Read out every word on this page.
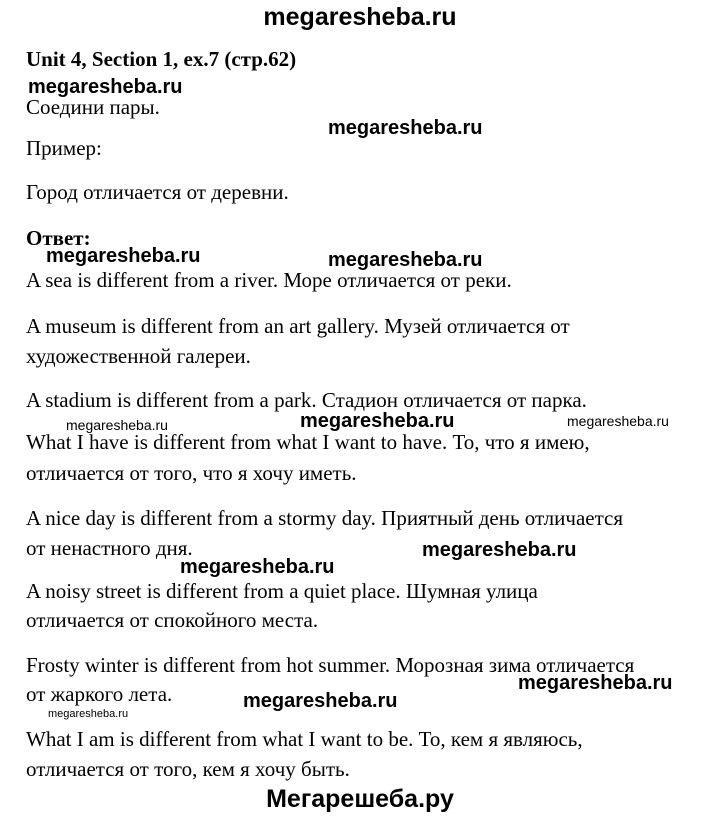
megaresheba.ru
Unit 4, Section 1, ex.7 (стр.62)
megaresheba.ru
Соедини пары.
megaresheba.ru
Пример:
Город отличается от деревни.
Ответ:
megaresheba.ru	megaresheba.ru
A sea is different from a river. Море отличается от реки.
A museum is different from an art gallery. Музей отличается от
художественной галереи.
A stadium is different from a park. Стадион отличается от парка.
megaresheba.ru	megaresheba.ru	megaresheba.ru
What I have is different from what I want to have. То, что я имею,
отличается от того, что я хочу иметь.
A nice day is different from a stormy day. Приятный день отличается
от ненастного дня.
megaresheba.ru
megaresheba.ru
A noisy street is different from a quiet place. Шумная улица
отличается от спокойного места.
Frosty winter is different from hot summer. Морозная зима отличается
от жаркого лета.	megaresheba.ru
megaresheba.ru
megaresheba.ru
What I am is different from what I want to be. То, кем я являюсь,
отличается от того, кем я хочу быть.
Мегарешеба.ру
